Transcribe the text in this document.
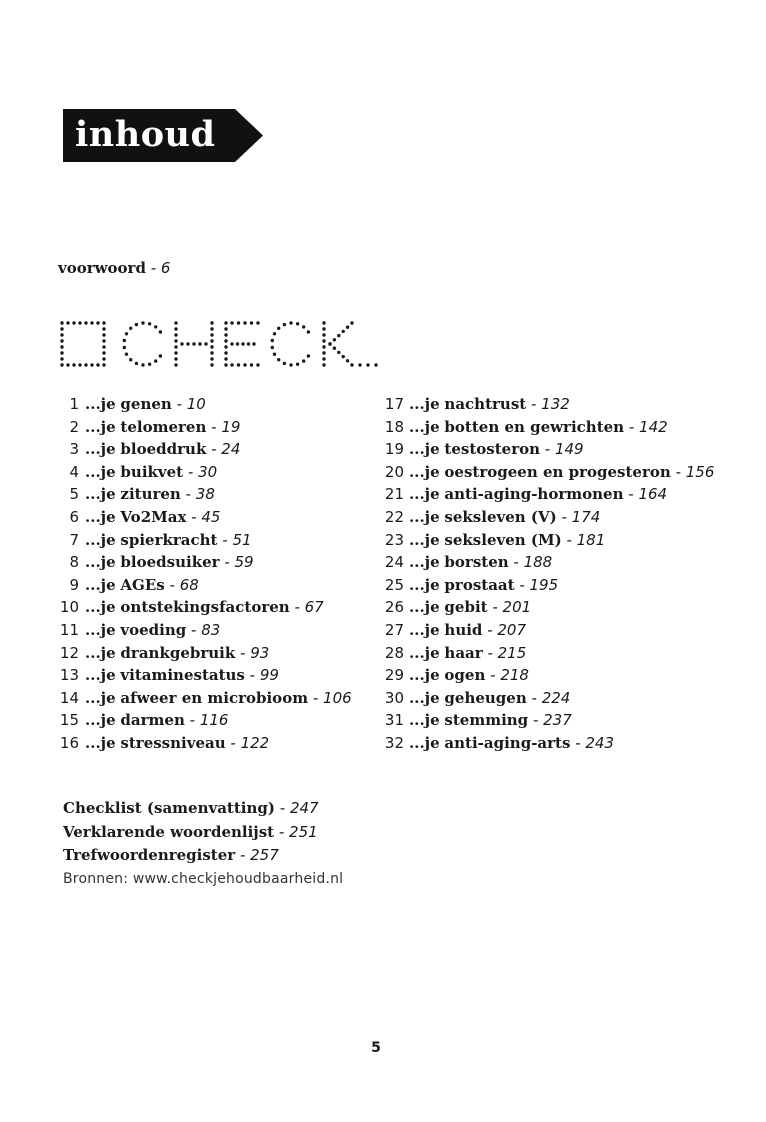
inhoud
voorwoord - 6
1 ...je genen - 10
2 ...je telomeren - 19
3 ...je bloeddruk - 24
4 ...je buikvet - 30
5 ...je zituren - 38
6 ...je Vo2Max - 45
7 ...je spierkracht - 51
8 ...je bloedsuiker - 59
9 ...je AGEs - 68
10 ...je ontstekingsfactoren - 67
11 ...je voeding - 83
12 ...je drankgebruik - 93
13 ...je vitaminestatus - 99
14 ...je afweer en microbioom - 106
15 ...je darmen - 116
16 ...je stressniveau - 122
17 ...je nachtrust - 132
18 ...je botten en gewrichten - 142
19 ...je testosteron - 149
20 ...je oestrogeen en progesteron - 156
21 ...je anti-aging-hormonen - 164
22 ...je seksleven (V) - 174
23 ...je seksleven (M) - 181
24 ...je borsten - 188
25 ...je prostaat - 195
26 ...je gebit - 201
27 ...je huid - 207
28 ...je haar - 215
29 ...je ogen - 218
30 ...je geheugen - 224
31 ...je stemming - 237
32 ...je anti-aging-arts - 243
Checklist (samenvatting) - 247
Verklarende woordenlijst - 251
Trefwoordenregister - 257
Bronnen: www.checkjehoudbaarheid.nl
5
